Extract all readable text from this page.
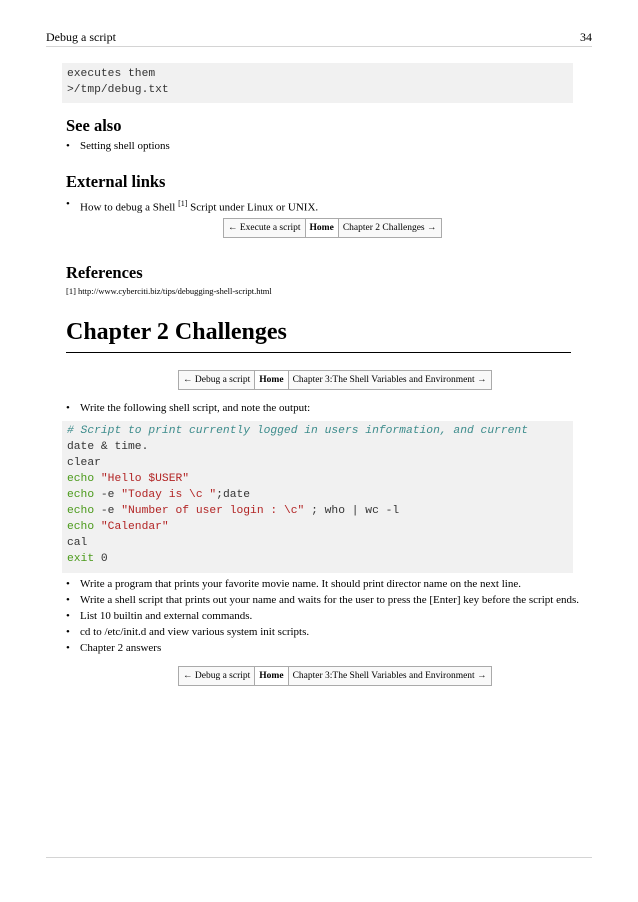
Debug a script	34
executes them
>/tmp/debug.txt
See also
• Setting shell options
External links
• How to debug a Shell [1] Script under Linux or UNIX.
← Execute a script Home Chapter 2 Challenges →
References
[1] http://www.cyberciti.biz/tips/debugging-shell-script.html
Chapter 2 Challenges
← Debug a script Home Chapter 3:The Shell Variables and Environment →
• Write the following shell script, and note the output:
# Script to print currently logged in users information, and current
date & time.
clear
echo "Hello $USER"
echo -e "Today is \c ";date
echo -e "Number of user login : \c" ; who | wc -l
echo "Calendar"
cal
exit 0
• Write a program that prints your favorite movie name. It should print director name on the next line.
• Write a shell script that prints out your name and waits for the user to press the [Enter] key before the script ends.
• List 10 builtin and external commands.
• cd to /etc/init.d and view various system init scripts.
• Chapter 2 answers
← Debug a script Home Chapter 3:The Shell Variables and Environment →
